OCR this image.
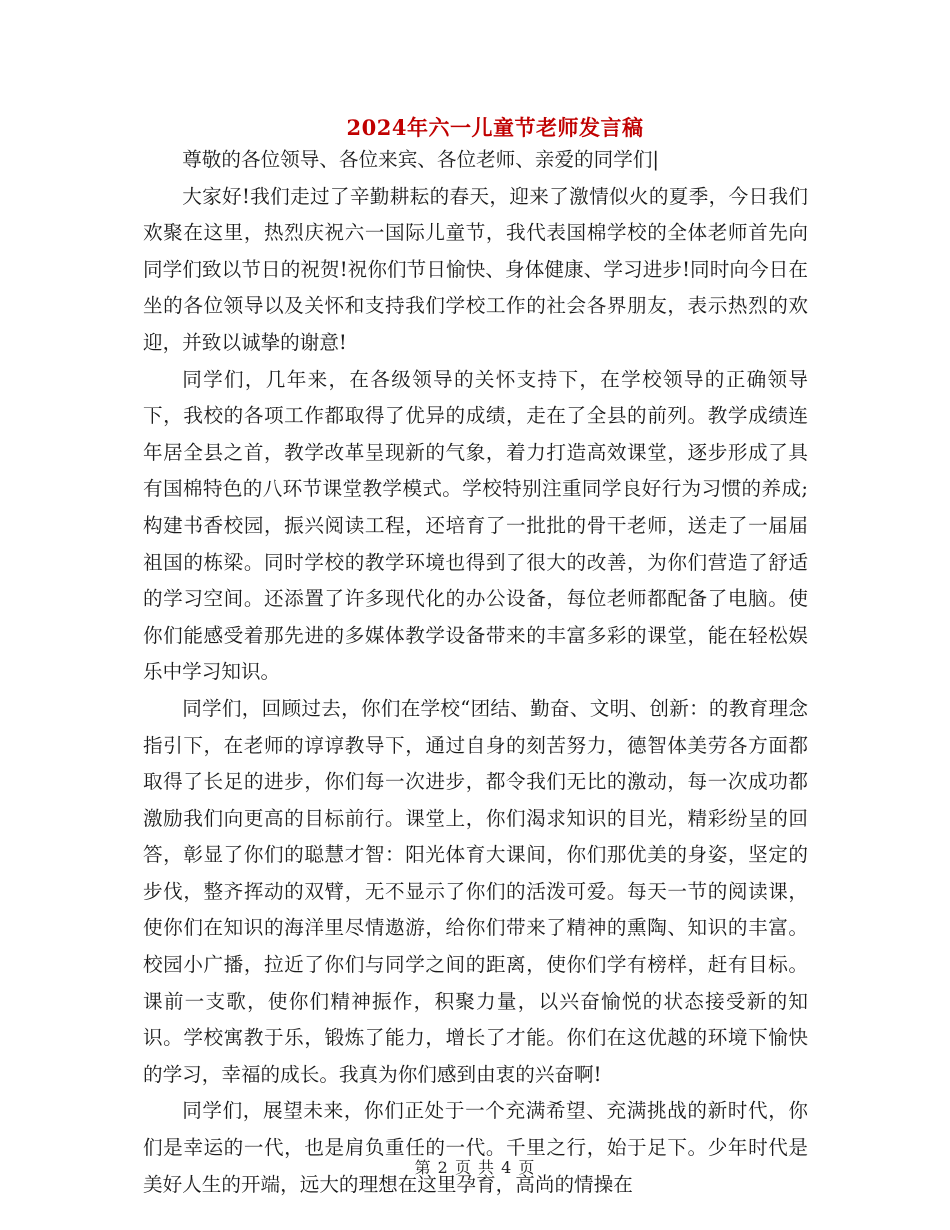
2024年六一儿童节老师发言稿

尊敬的各位领导、各位来宾、各位老师、亲爱的同学们|

大家好!我们走过了辛勤耕耘的春天，迎来了激情似火的夏季，今日我们欢聚在这里，热烈庆祝六一国际儿童节，我代表国棉学校的全体老师首先向同学们致以节日的祝贺!祝你们节日愉快、身体健康、学习进步!同时向今日在坐的各位领导以及关怀和支持我们学校工作的社会各界朋友，表示热烈的欢迎，并致以诚挚的谢意!

同学们，几年来，在各级领导的关怀支持下，在学校领导的正确领导下，我校的各项工作都取得了优异的成绩，走在了全县的前列。教学成绩连年居全县之首，教学改革呈现新的气象，着力打造高效课堂，逐步形成了具有国棉特色的八环节课堂教学模式。学校特别注重同学良好行为习惯的养成;构建书香校园，振兴阅读工程，还培育了一批批的骨干老师，送走了一届届祖国的栋梁。同时学校的教学环境也得到了很大的改善，为你们营造了舒适的学习空间。还添置了许多现代化的办公设备，每位老师都配备了电脑。使你们能感受着那先进的多媒体教学设备带来的丰富多彩的课堂，能在轻松娱乐中学习知识。

同学们，回顾过去，你们在学校“团结、勤奋、文明、创新：的教育理念指引下，在老师的谆谆教导下，通过自身的刻苦努力，德智体美劳各方面都取得了长足的进步，你们每一次进步，都令我们无比的激动，每一次成功都激励我们向更高的目标前行。课堂上，你们渴求知识的目光，精彩纷呈的回答，彰显了你们的聪慧才智：阳光体育大课间，你们那优美的身姿，坚定的步伐，整齐挥动的双臂，无不显示了你们的活泼可爱。每天一节的阅读课，使你们在知识的海洋里尽情遨游，给你们带来了精神的熏陶、知识的丰富。校园小广播，拉近了你们与同学之间的距离，使你们学有榜样，赶有目标。课前一支歌，使你们精神振作，积聚力量，以兴奋愉悦的状态接受新的知识。学校寓教于乐，锻炼了能力，增长了才能。你们在这优越的环境下愉快的学习，幸福的成长。我真为你们感到由衷的兴奋啊!

同学们，展望未来，你们正处于一个充满希望、充满挑战的新时代，你们是幸运的一代，也是肩负重任的一代。千里之行，始于足下。少年时代是美好人生的开端，远大的理想在这里孕育，高尚的情操在

第 2 页 共 4 页
